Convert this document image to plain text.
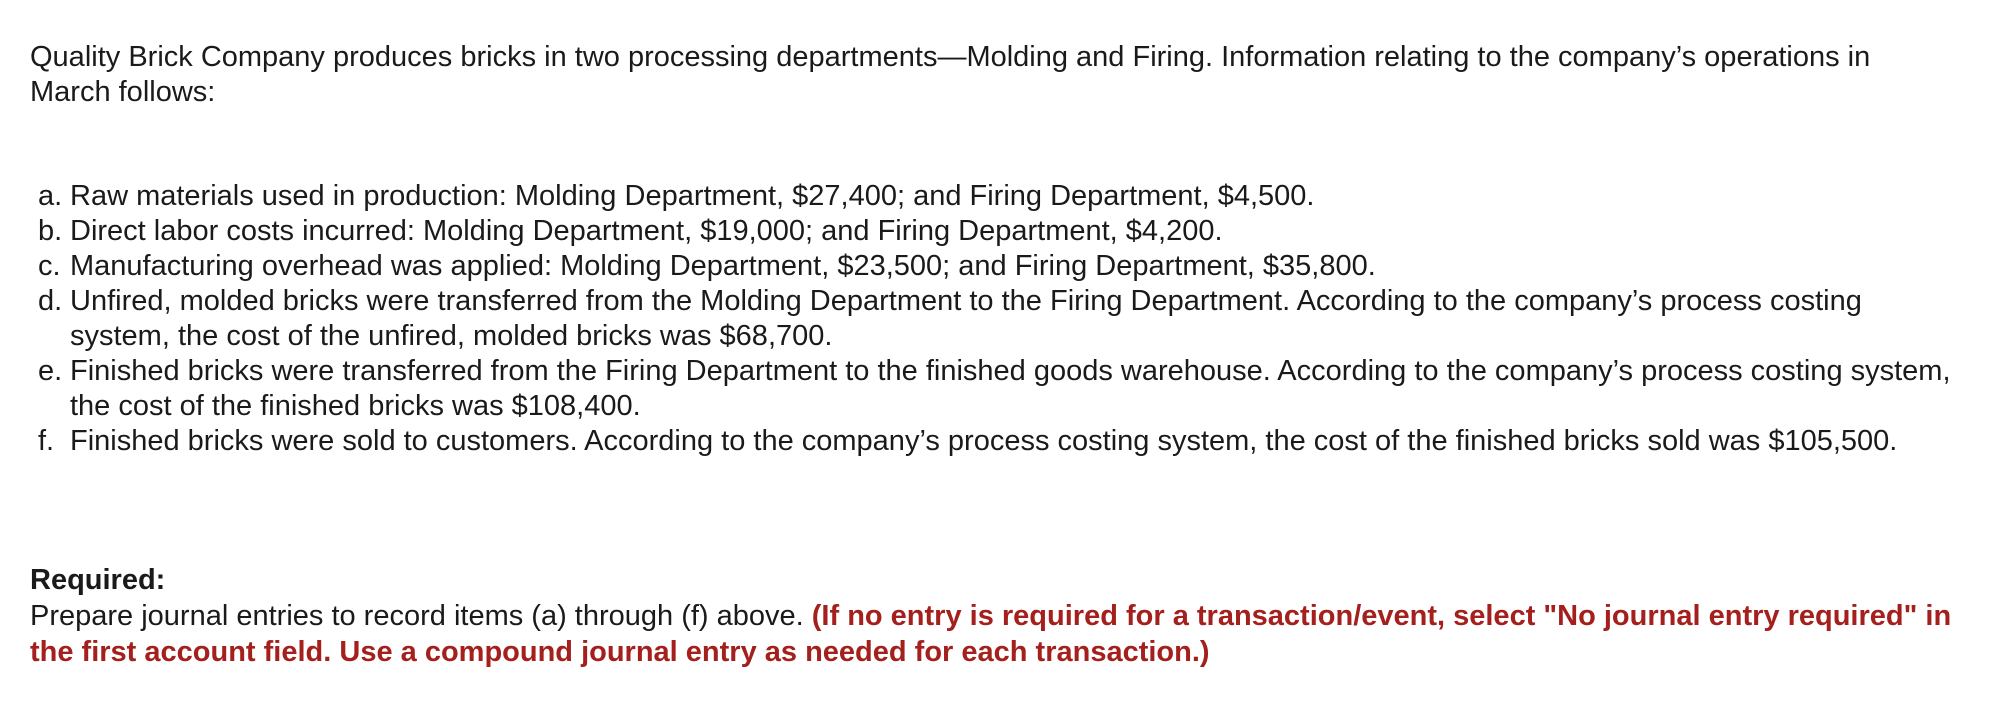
Quality Brick Company produces bricks in two processing departments—Molding and Firing. Information relating to the company’s operations in March follows:

a. Raw materials used in production: Molding Department, $27,400; and Firing Department, $4,500.
b. Direct labor costs incurred: Molding Department, $19,000; and Firing Department, $4,200.
c. Manufacturing overhead was applied: Molding Department, $23,500; and Firing Department, $35,800.
d. Unfired, molded bricks were transferred from the Molding Department to the Firing Department. According to the company’s process costing system, the cost of the unfired, molded bricks was $68,700.
e. Finished bricks were transferred from the Firing Department to the finished goods warehouse. According to the company’s process costing system, the cost of the finished bricks was $108,400.
f. Finished bricks were sold to customers. According to the company’s process costing system, the cost of the finished bricks sold was $105,500.
Required:
Prepare journal entries to record items (a) through (f) above. (If no entry is required for a transaction/event, select "No journal entry required" in the first account field. Use a compound journal entry as needed for each transaction.)
